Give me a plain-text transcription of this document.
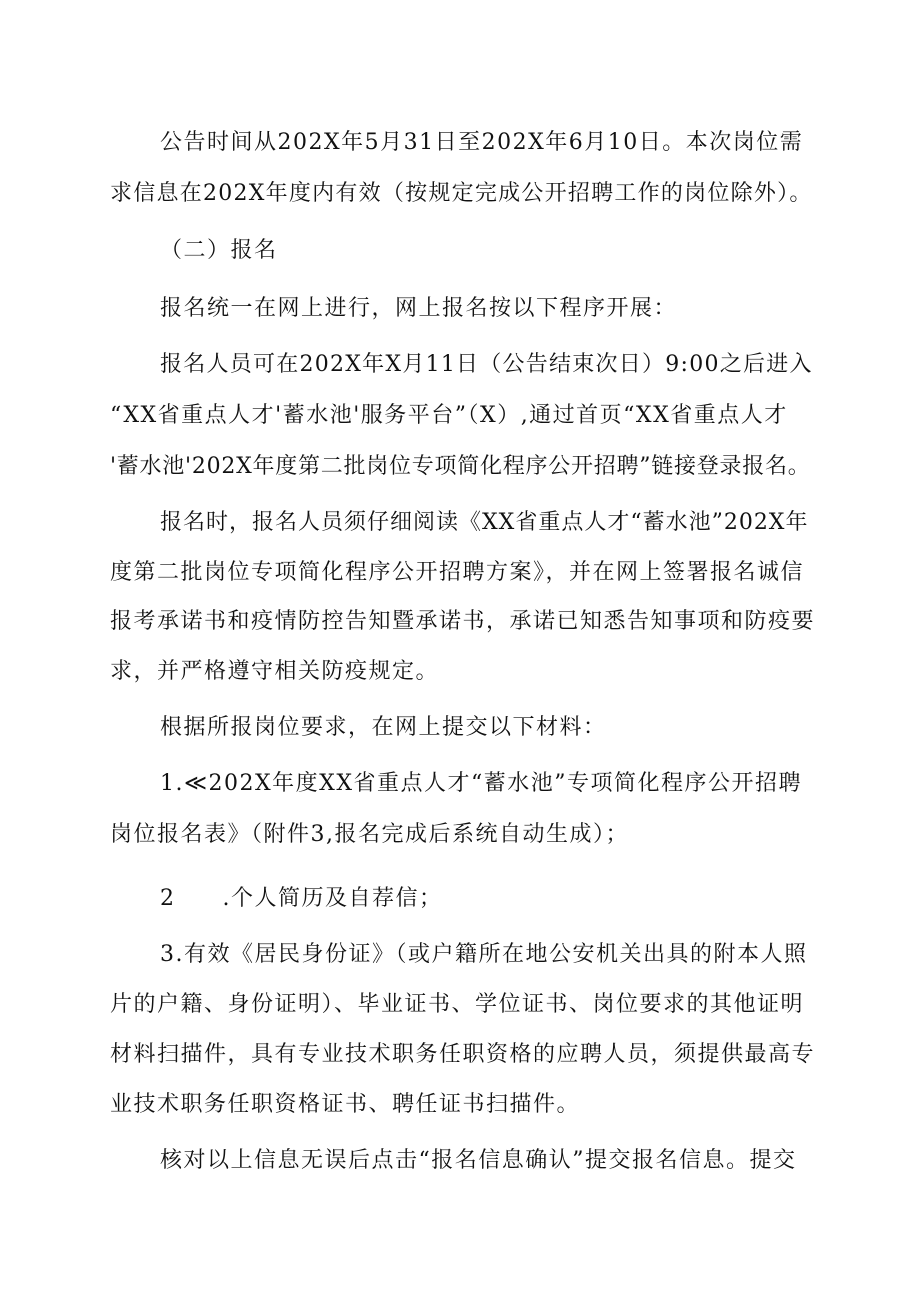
公告时间从202X年5月31日至202X年6月10日。本次岗位需
求信息在202X年度内有效（按规定完成公开招聘工作的岗位除外）。
（二）报名
报名统一在网上进行，网上报名按以下程序开展：
报名人员可在202X年X月11日（公告结束次日）9:00之后进入
“XX省重点人才'蓄水池'服务平台”（X）,通过首页“XX省重点人才
'蓄水池'202X年度第二批岗位专项简化程序公开招聘”链接登录报名。
报名时，报名人员须仔细阅读《XX省重点人才“蓄水池”202X年
度第二批岗位专项简化程序公开招聘方案》，并在网上签署报名诚信
报考承诺书和疫情防控告知暨承诺书，承诺已知悉告知事项和防疫要
求，并严格遵守相关防疫规定。
根据所报岗位要求，在网上提交以下材料：
1.≪202X年度XX省重点人才“蓄水池”专项简化程序公开招聘
岗位报名表》（附件3,报名完成后系统自动生成）；
2　　.个人简历及自荐信；
3.有效《居民身份证》（或户籍所在地公安机关出具的附本人照
片的户籍、身份证明）、毕业证书、学位证书、岗位要求的其他证明
材料扫描件，具有专业技术职务任职资格的应聘人员，须提供最高专
业技术职务任职资格证书、聘任证书扫描件。
核对以上信息无误后点击“报名信息确认”提交报名信息。提交
